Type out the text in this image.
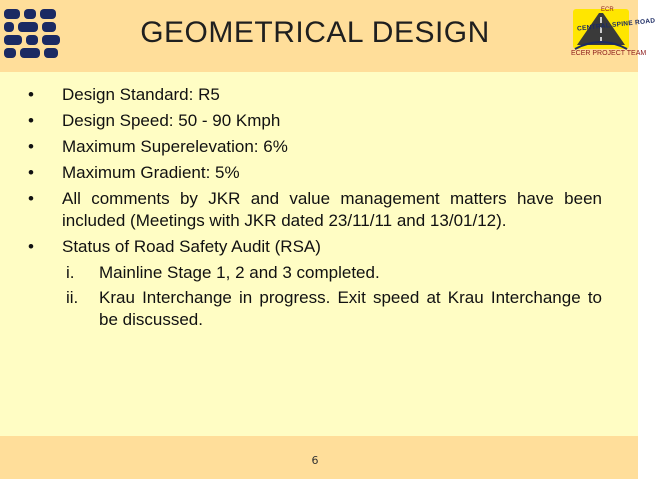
GEOMETRICAL DESIGN
ECR
CENTRAL SPINE ROAD
ECER PROJECT TEAM
•	Design Standard: R5
•	Design Speed: 50 - 90 Kmph
•	Maximum Superelevation: 6%
•	Maximum Gradient: 5%
•	All comments by JKR and value management matters have been included (Meetings with JKR dated 23/11/11 and 13/01/12).
•	Status of Road Safety Audit (RSA)
i. Mainline Stage 1, 2 and 3 completed.
ii. Krau Interchange in progress. Exit speed at Krau Interchange to be discussed.
6
